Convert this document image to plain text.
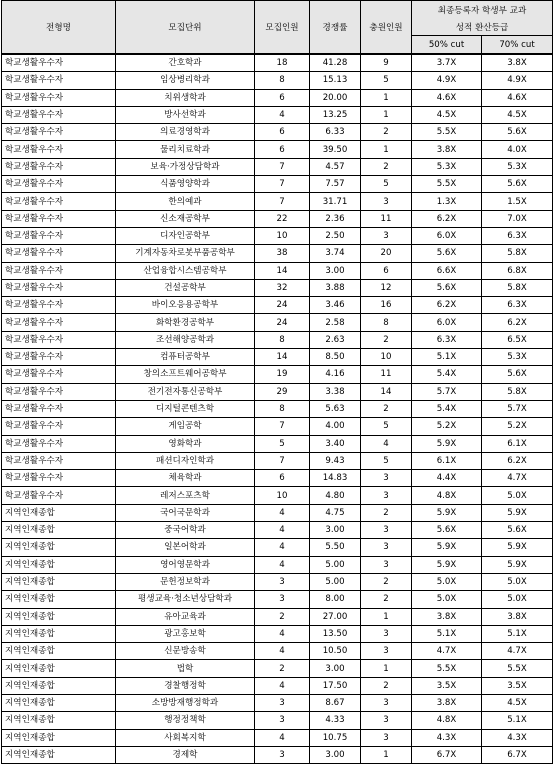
전형명	모집단위	모집인원	경쟁률	충원인원	최종등록자 학생부 교과	
					성적 환산등급	
					50% cut	70% cut
학교생활우수자	간호학과	18	41.28	9	3.7X	3.8X
학교생활우수자	임상병리학과	8	15.13	5	4.9X	4.9X
학교생활우수자	치위생학과	6	20.00	1	4.6X	4.6X
학교생활우수자	방사선학과	4	13.25	1	4.5X	4.5X
학교생활우수자	의료경영학과	6	6.33	2	5.5X	5.6X
학교생활우수자	물리치료학과	6	39.50	1	3.8X	4.0X
학교생활우수자	보육·가정상담학과	7	4.57	2	5.3X	5.3X
학교생활우수자	식품영양학과	7	7.57	5	5.5X	5.6X
학교생활우수자	한의예과	7	31.71	3	1.3X	1.5X
학교생활우수자	신소재공학부	22	2.36	11	6.2X	7.0X
학교생활우수자	디자인공학부	10	2.50	3	6.0X	6.3X
학교생활우수자	기계자동차로봇부품공학부	38	3.74	20	5.6X	5.8X
학교생활우수자	산업융합시스템공학부	14	3.00	6	6.6X	6.8X
학교생활우수자	건설공학부	32	3.88	12	5.6X	5.8X
학교생활우수자	바이오응용공학부	24	3.46	16	6.2X	6.3X
학교생활우수자	화학환경공학부	24	2.58	8	6.0X	6.2X
학교생활우수자	조선해양공학과	8	2.63	2	6.3X	6.5X
학교생활우수자	컴퓨터공학부	14	8.50	10	5.1X	5.3X
학교생활우수자	창의소프트웨어공학부	19	4.16	11	5.4X	5.6X
학교생활우수자	전기전자통신공학부	29	3.38	14	5.7X	5.8X
학교생활우수자	디지털콘텐츠학	8	5.63	2	5.4X	5.7X
학교생활우수자	게임공학	7	4.00	5	5.2X	5.2X
학교생활우수자	영화학과	5	3.40	4	5.9X	6.1X
학교생활우수자	패션디자인학과	7	9.43	5	6.1X	6.2X
학교생활우수자	체육학과	6	14.83	3	4.4X	4.7X
학교생활우수자	레저스포츠학	10	4.80	3	4.8X	5.0X
지역인재종합	국어국문학과	4	4.75	2	5.9X	5.9X
지역인재종합	중국어학과	4	3.00	3	5.6X	5.6X
지역인재종합	일본어학과	4	5.50	3	5.9X	5.9X
지역인재종합	영어영문학과	4	5.00	3	5.9X	5.9X
지역인재종합	문헌정보학과	3	5.00	2	5.0X	5.0X
지역인재종합	평생교육·청소년상담학과	3	8.00	2	5.0X	5.0X
지역인재종합	유아교육과	2	27.00	1	3.8X	3.8X
지역인재종합	광고홍보학	4	13.50	3	5.1X	5.1X
지역인재종합	신문방송학	4	10.50	3	4.7X	4.7X
지역인재종합	법학	2	3.00	1	5.5X	5.5X
지역인재종합	경찰행정학	4	17.50	2	3.5X	3.5X
지역인재종합	소방방재행정학과	3	8.67	3	3.8X	4.5X
지역인재종합	행정정책학	3	4.33	3	4.8X	5.1X
지역인재종합	사회복지학	4	10.75	3	4.3X	4.3X
지역인재종합	경제학	3	3.00	1	6.7X	6.7X
